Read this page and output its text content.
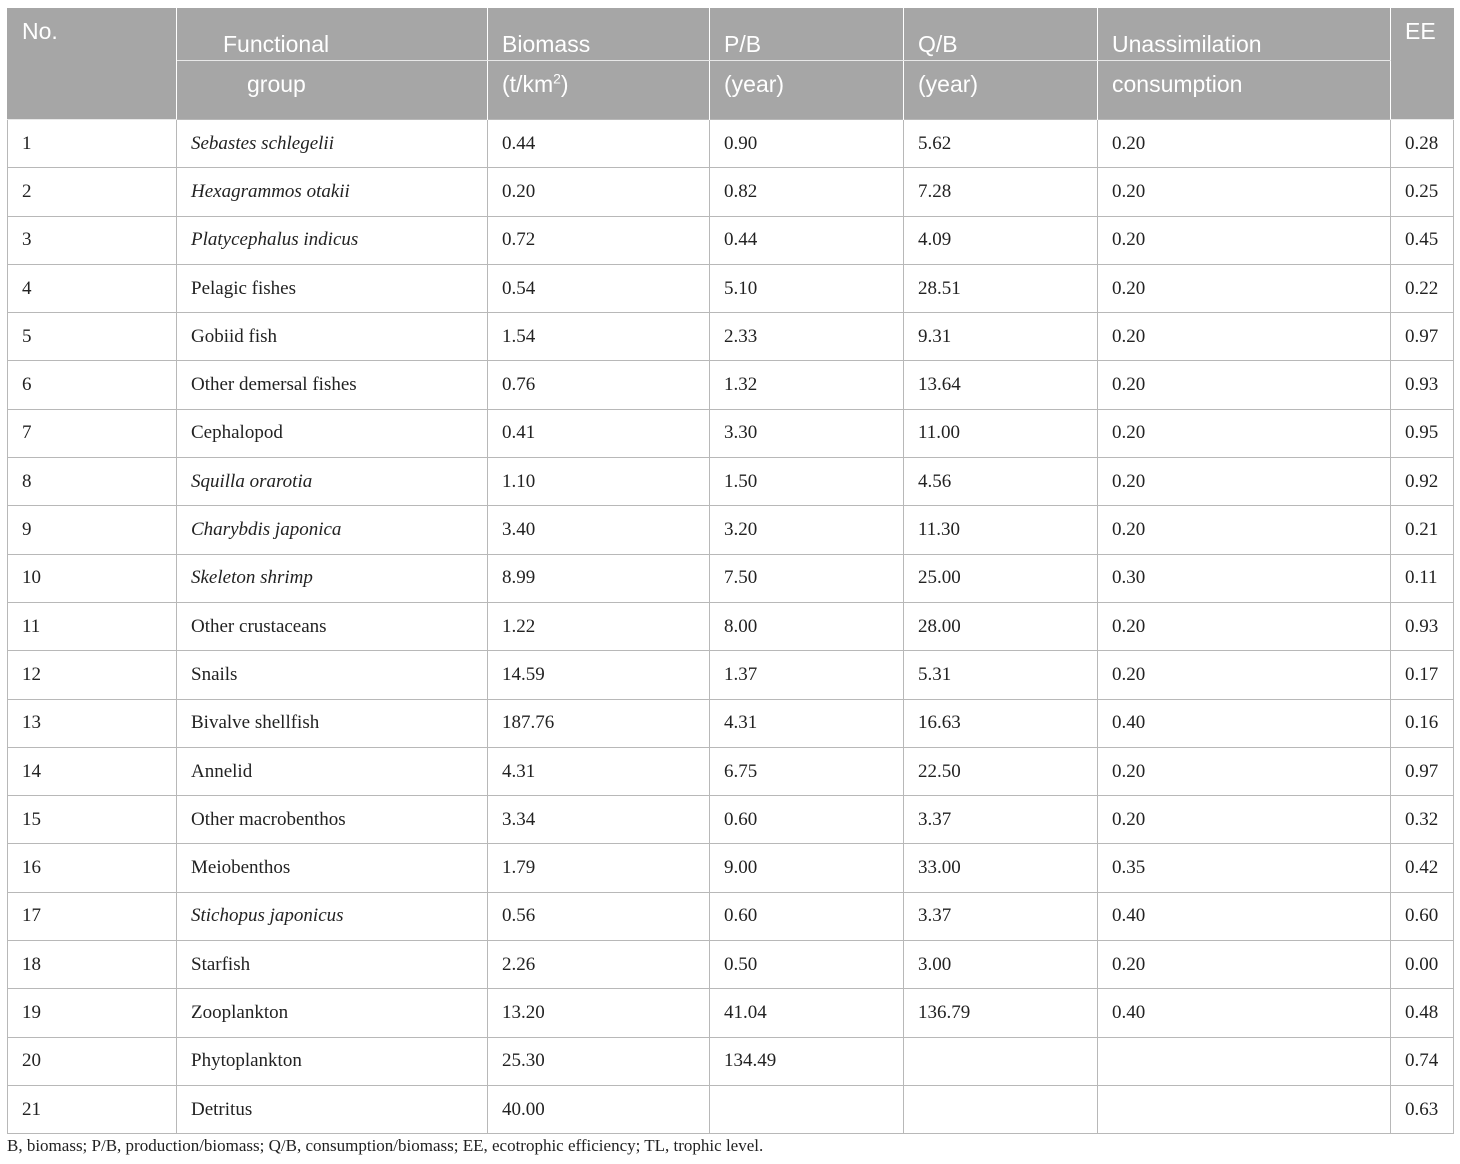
No.	Functional	Biomass	P/B	Q/B	Unassimilation	EE
	group	$(t/km^2)$	(year)	(year)	consumption	
1	Sebastes schlegelii	0.44	0.90	5.62	0.20	0.28
2	Hexagrammos otakii	0.20	0.82	7.28	0.20	0.25
3	Platycephalus indicus	0.72	0.44	4.09	0.20	0.45
4	Pelagic fishes	0.54	5.10	28.51	0.20	0.22
5	Gobiid fish	1.54	2.33	9.31	0.20	0.97
6	Other demersal fishes	0.76	1.32	13.64	0.20	0.93
7	Cephalopod	0.41	3.30	11.00	0.20	0.95
8	Squilla orarotia	1.10	1.50	4.56	0.20	0.92
9	Charybdis japonica	3.40	3.20	11.30	0.20	0.21
10	Skeleton shrimp	8.99	7.50	25.00	0.30	0.11
11	Other crustaceans	1.22	8.00	28.00	0.20	0.93
12	Snails	14.59	1.37	5.31	0.20	0.17
13	Bivalve shellfish	187.76	4.31	16.63	0.40	0.16
14	Annelid	4.31	6.75	22.50	0.20	0.97
15	Other macrobenthos	3.34	0.60	3.37	0.20	0.32
16	Meiobenthos	1.79	9.00	33.00	0.35	0.42
17	Stichopus japonicus	0.56	0.60	3.37	0.40	0.60
18	Starfish	2.26	0.50	3.00	0.20	0.00
19	Zooplankton	13.20	41.04	136.79	0.40	0.48
20	Phytoplankton	25.30	134.49			0.74
21	Detritus	40.00				0.63
B, biomass; P/B, production/biomass; Q/B, consumption/biomass; EE, ecotrophic efficiency; TL, trophic level.
